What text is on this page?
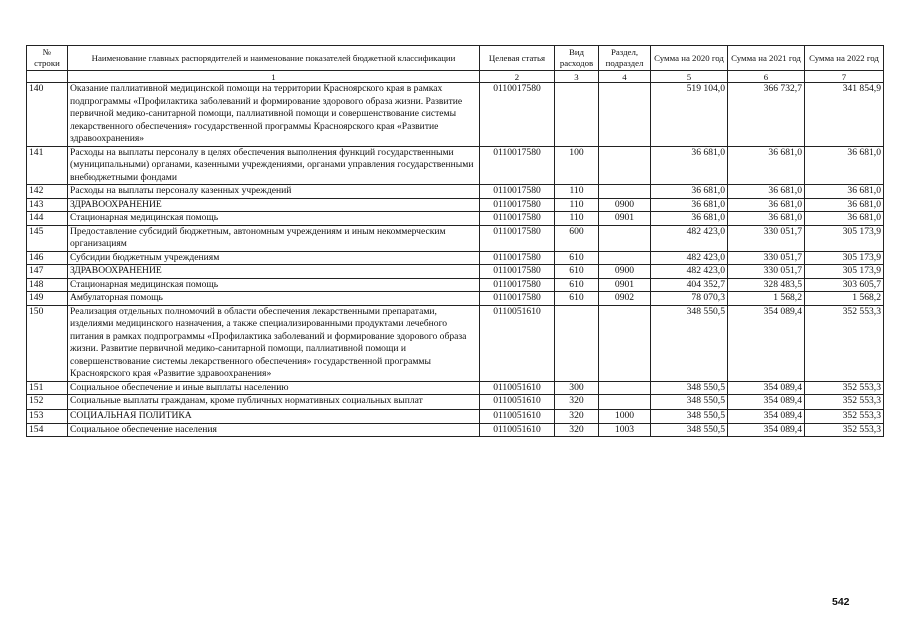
№ строки	Наименование главных распорядителей и наименование показателей бюджетной классификации	Целевая статья	Вид расходов	Раздел, подраздел	Сумма на 2020 год	Сумма на 2021 год	Сумма на 2022 год
	1	2	3	4	5	6	7
140	Оказание паллиативной медицинской помощи на территории Красноярского края в рамках подпрограммы «Профилактика заболеваний и формирование здорового образа жизни. Развитие первичной медико-санитарной помощи, паллиативной помощи и совершенствование системы лекарственного обеспечения» государственной программы Красноярского края «Развитие здравоохранения»	0110017580			519 104,0	366 732,7	341 854,9
141	Расходы на выплаты персоналу в целях обеспечения выполнения функций государственными (муниципальными) органами, казенными учреждениями, органами управления государственными внебюджетными фондами	0110017580	100		36 681,0	36 681,0	36 681,0
142	Расходы на выплаты персоналу казенных учреждений	0110017580	110		36 681,0	36 681,0	36 681,0
143	ЗДРАВООХРАНЕНИЕ	0110017580	110	0900	36 681,0	36 681,0	36 681,0
144	Стационарная медицинская помощь	0110017580	110	0901	36 681,0	36 681,0	36 681,0
145	Предоставление субсидий бюджетным, автономным учреждениям и иным некоммерческим организациям	0110017580	600		482 423,0	330 051,7	305 173,9
146	Субсидии бюджетным учреждениям	0110017580	610		482 423,0	330 051,7	305 173,9
147	ЗДРАВООХРАНЕНИЕ	0110017580	610	0900	482 423,0	330 051,7	305 173,9
148	Стационарная медицинская помощь	0110017580	610	0901	404 352,7	328 483,5	303 605,7
149	Амбулаторная помощь	0110017580	610	0902	78 070,3	1 568,2	1 568,2
150	Реализация отдельных полномочий в области обеспечения лекарственными препаратами, изделиями медицинского назначения, а также специализированными продуктами лечебного питания в рамках подпрограммы «Профилактика заболеваний и формирование здорового образа жизни. Развитие первичной медико-санитарной помощи, паллиативной помощи и совершенствование системы лекарственного обеспечения» государственной программы Красноярского края «Развитие здравоохранения»	0110051610			348 550,5	354 089,4	352 553,3
151	Социальное обеспечение и иные выплаты населению	0110051610	300		348 550,5	354 089,4	352 553,3
152	Социальные выплаты гражданам, кроме публичных нормативных социальных выплат	0110051610	320		348 550,5	354 089,4	352 553,3
153	СОЦИАЛЬНАЯ ПОЛИТИКА	0110051610	320	1000	348 550,5	354 089,4	352 553,3
154	Социальное обеспечение населения	0110051610	320	1003	348 550,5	354 089,4	352 553,3
542
